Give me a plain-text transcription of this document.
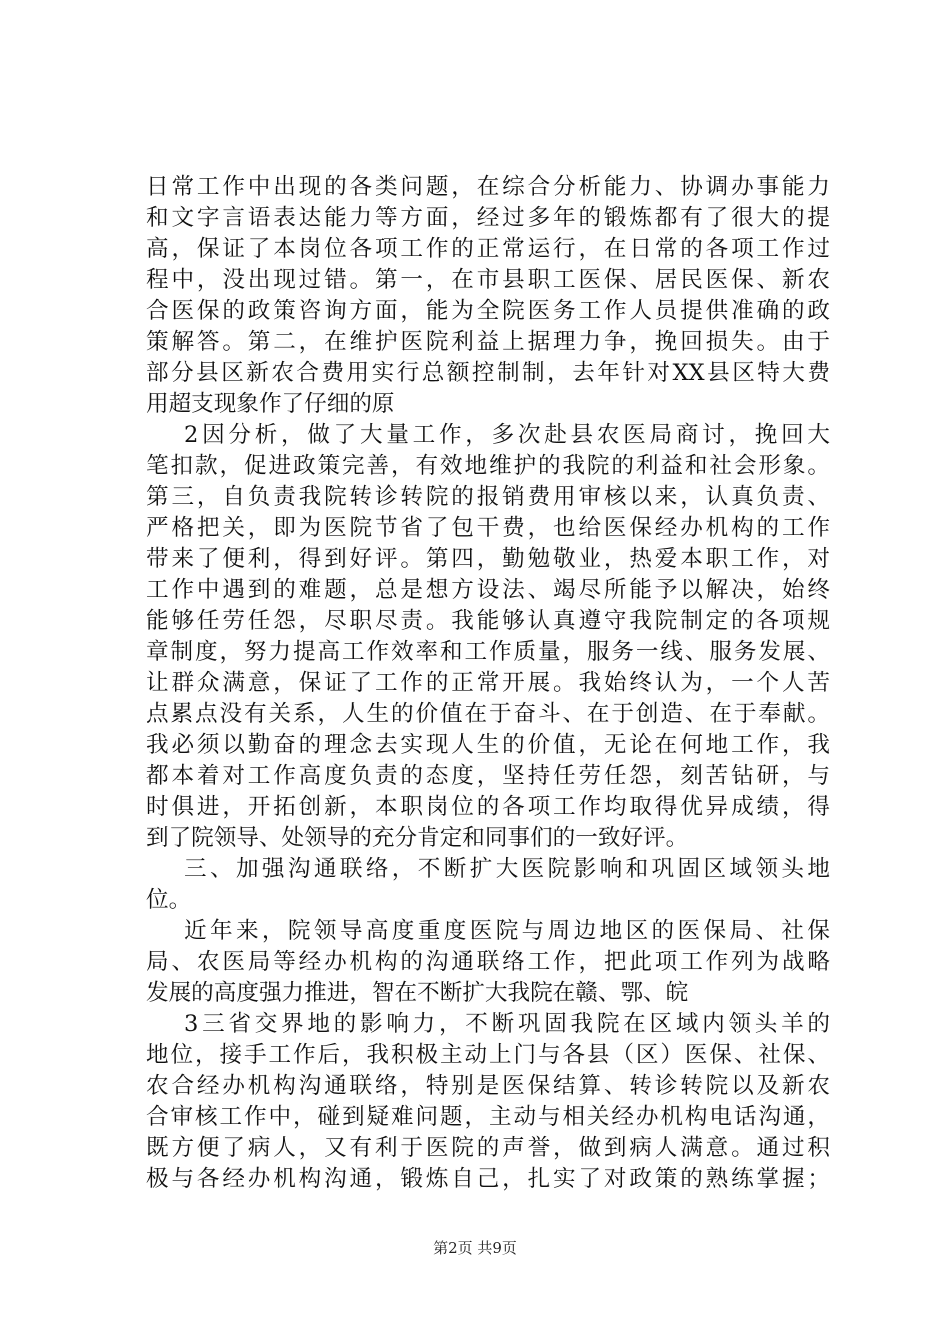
日常工作中出现的各类问题，在综合分析能力、协调办事能力
和文字言语表达能力等方面，经过多年的锻炼都有了很大的提
高，保证了本岗位各项工作的正常运行，在日常的各项工作过
程中，没出现过错。第一，在市县职工医保、居民医保、新农
合医保的政策咨询方面，能为全院医务工作人员提供准确的政
策解答。第二，在维护医院利益上据理力争，挽回损失。由于
部分县区新农合费用实行总额控制制，去年针对XX县区特大费
用超支现象作了仔细的原
2因分析，做了大量工作，多次赴县农医局商讨，挽回大
笔扣款，促进政策完善，有效地维护的我院的利益和社会形象。
第三，自负责我院转诊转院的报销费用审核以来，认真负责、
严格把关，即为医院节省了包干费，也给医保经办机构的工作
带来了便利，得到好评。第四，勤勉敬业，热爱本职工作，对
工作中遇到的难题，总是想方设法、竭尽所能予以解决，始终
能够任劳任怨，尽职尽责。我能够认真遵守我院制定的各项规
章制度，努力提高工作效率和工作质量，服务一线、服务发展、
让群众满意，保证了工作的正常开展。我始终认为，一个人苦
点累点没有关系，人生的价值在于奋斗、在于创造、在于奉献。
我必须以勤奋的理念去实现人生的价值，无论在何地工作，我
都本着对工作高度负责的态度，坚持任劳任怨，刻苦钻研，与
时俱进，开拓创新，本职岗位的各项工作均取得优异成绩，得
到了院领导、处领导的充分肯定和同事们的一致好评。
三、加强沟通联络，不断扩大医院影响和巩固区域领头地
位。
近年来，院领导高度重度医院与周边地区的医保局、社保
局、农医局等经办机构的沟通联络工作，把此项工作列为战略
发展的高度强力推进，智在不断扩大我院在赣、鄂、皖
3三省交界地的影响力，不断巩固我院在区域内领头羊的
地位，接手工作后，我积极主动上门与各县（区）医保、社保、
农合经办机构沟通联络，特别是医保结算、转诊转院以及新农
合审核工作中，碰到疑难问题，主动与相关经办机构电话沟通，
既方便了病人，又有利于医院的声誉，做到病人满意。通过积
极与各经办机构沟通，锻炼自己，扎实了对政策的熟练掌握；
第2页 共9页
